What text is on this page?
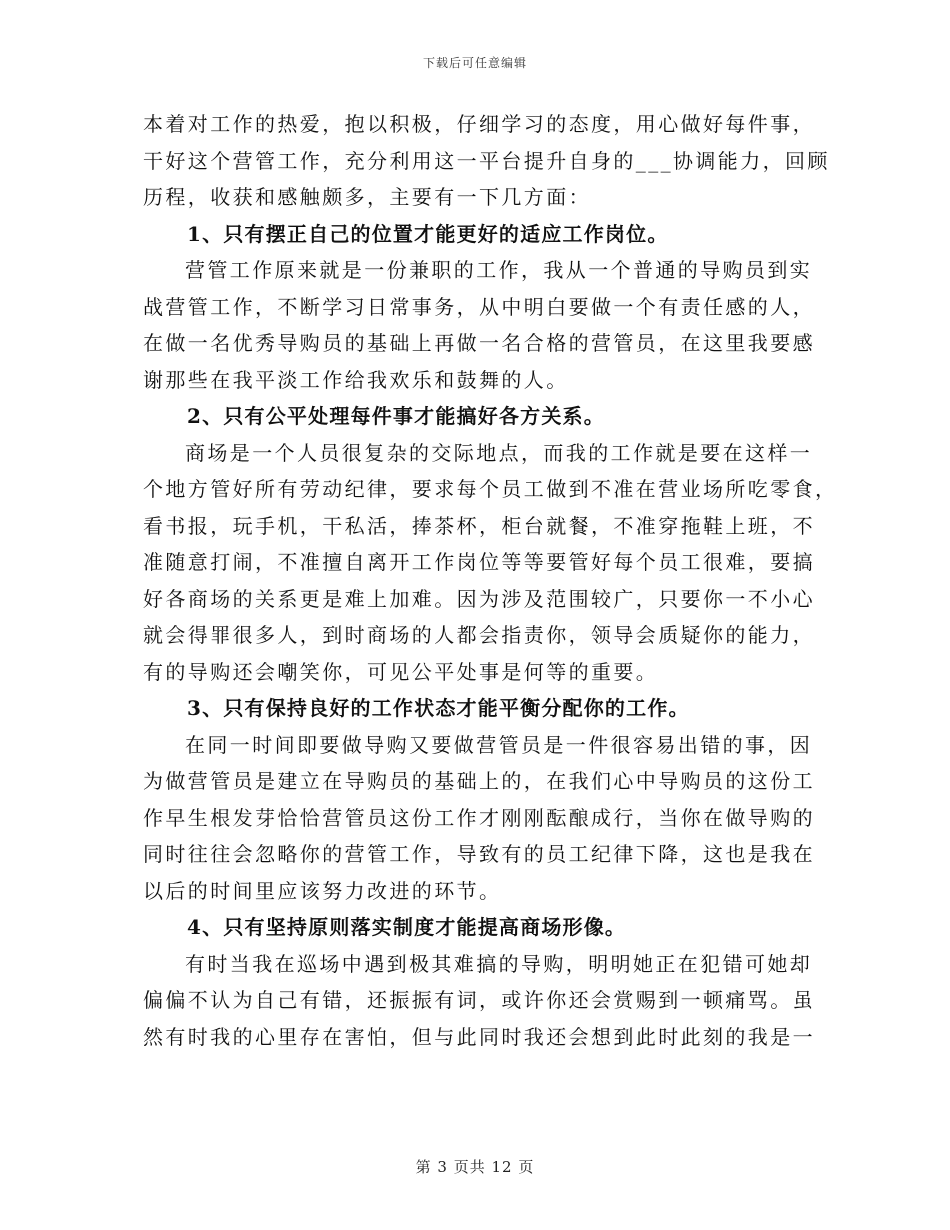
下载后可任意编辑
本着对工作的热爱，抱以积极，仔细学习的态度，用心做好每件事，
干好这个营管工作，充分利用这一平台提升自身的___协调能力，回顾
历程，收获和感触颇多，主要有一下几方面：
1、只有摆正自己的位置才能更好的适应工作岗位。
营管工作原来就是一份兼职的工作，我从一个普通的导购员到实
战营管工作，不断学习日常事务，从中明白要做一个有责任感的人，
在做一名优秀导购员的基础上再做一名合格的营管员，在这里我要感
谢那些在我平淡工作给我欢乐和鼓舞的人。
2、只有公平处理每件事才能搞好各方关系。
商场是一个人员很复杂的交际地点，而我的工作就是要在这样一
个地方管好所有劳动纪律，要求每个员工做到不准在营业场所吃零食，
看书报，玩手机，干私活，捧茶杯，柜台就餐，不准穿拖鞋上班，不
准随意打闹，不准擅自离开工作岗位等等要管好每个员工很难，要搞
好各商场的关系更是难上加难。因为涉及范围较广，只要你一不小心
就会得罪很多人，到时商场的人都会指责你，领导会质疑你的能力，
有的导购还会嘲笑你，可见公平处事是何等的重要。
3、只有保持良好的工作状态才能平衡分配你的工作。
在同一时间即要做导购又要做营管员是一件很容易出错的事，因
为做营管员是建立在导购员的基础上的，在我们心中导购员的这份工
作早生根发芽恰恰营管员这份工作才刚刚酝酿成行，当你在做导购的
同时往往会忽略你的营管工作，导致有的员工纪律下降，这也是我在
以后的时间里应该努力改进的环节。
4、只有坚持原则落实制度才能提高商场形像。
有时当我在巡场中遇到极其难搞的导购，明明她正在犯错可她却
偏偏不认为自己有错，还振振有词，或许你还会赏赐到一顿痛骂。虽
然有时我的心里存在害怕，但与此同时我还会想到此时此刻的我是一
第 3 页共 12 页
